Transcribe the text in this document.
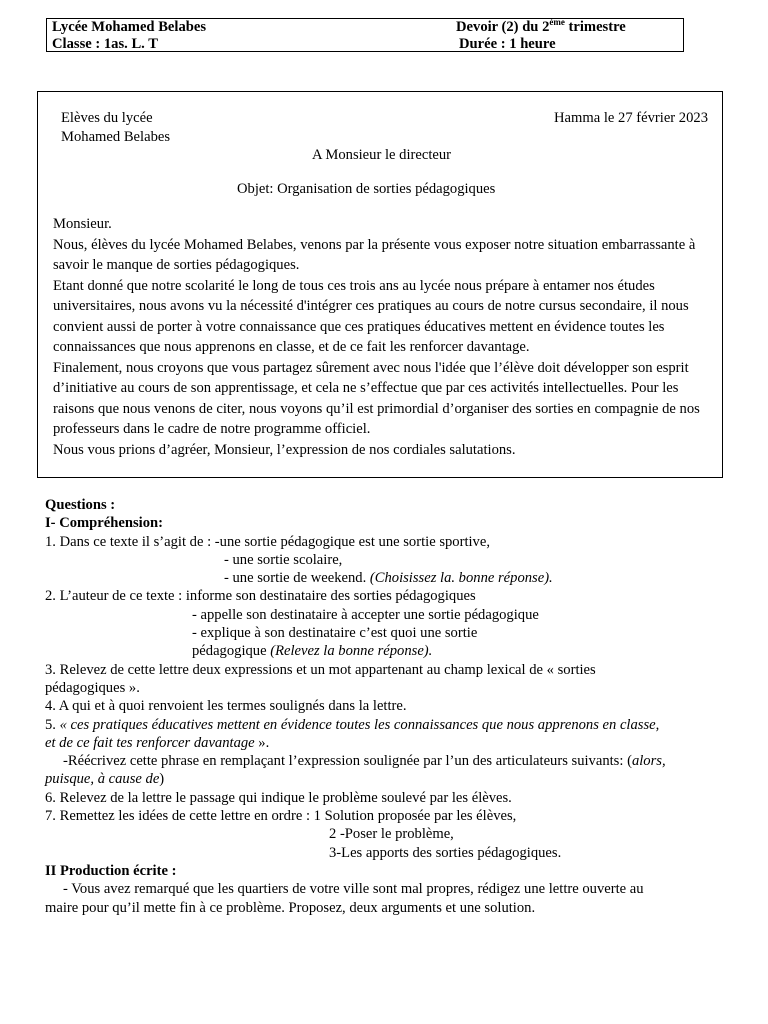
Lycée Mohamed Belabes
Classe : 1as. L. T
Devoir (2) du 2ème trimestre
Durée : 1 heure
Elèves du lycée
Mohamed Belabes
Hamma le 27 février 2023
A Monsieur le directeur
Objet: Organisation de sorties pédagogiques

Monsieur.

Nous, élèves du lycée Mohamed Belabes, venons par la présente vous exposer notre situation embarrassante à savoir le manque de sorties pédagogiques.

Etant donné que notre scolarité le long de tous ces trois ans au lycée nous prépare à entamer nos études universitaires, nous avons vu la nécessité d'intégrer ces pratiques au cours de notre cursus secondaire, il nous convient aussi de porter à votre connaissance que ces pratiques éducatives mettent en évidence toutes les connaissances que nous apprenons en classe, et de ce fait les renforcer davantage.

Finalement, nous croyons que vous partagez sûrement avec nous l'idée que l’élève doit développer son esprit d’initiative au cours de son apprentissage, et cela ne s’effectue que par ces activités intellectuelles. Pour les raisons que nous venons de citer, nous voyons qu’il est primordial d’organiser des sorties en compagnie de nos professeurs dans le cadre de notre programme officiel.

Nous vous prions d’agréer, Monsieur, l’expression de nos cordiales salutations.

Questions :
I- Compréhension:
1. Dans ce texte il s’agit de : -une sortie pédagogique est une sortie sportive,
- une sortie scolaire,
- une sortie de weekend. (Choisissez la. bonne réponse).
2. L’auteur de ce texte : informe son destinataire des sorties pédagogiques
- appelle son destinataire à accepter une sortie pédagogique
- explique à son destinataire c’est quoi une sortie
pédagogique (Relevez la bonne réponse).
3. Relevez de cette lettre deux expressions et un mot appartenant au champ lexical de « sorties
pédagogiques ».
4. A qui et à quoi renvoient les termes soulignés dans la lettre.
5. « ces pratiques éducatives mettent en évidence toutes les connaissances que nous apprenons en classe,
et de ce fait tes renforcer davantage ».
-Réécrivez cette phrase en remplaçant l’expression soulignée par l’un des articulateurs suivants: (alors,
puisque, à cause de)
6. Relevez de la lettre le passage qui indique le problème soulevé par les élèves.
7. Remettez les idées de cette lettre en ordre : 1 Solution proposée par les élèves,
2 -Poser le problème,
3-Les apports des sorties pédagogiques.
II Production écrite :
- Vous avez remarqué que les quartiers de votre ville sont mal propres, rédigez une lettre ouverte au
maire pour qu’il mette fin à ce problème. Proposez, deux arguments et une solution.
